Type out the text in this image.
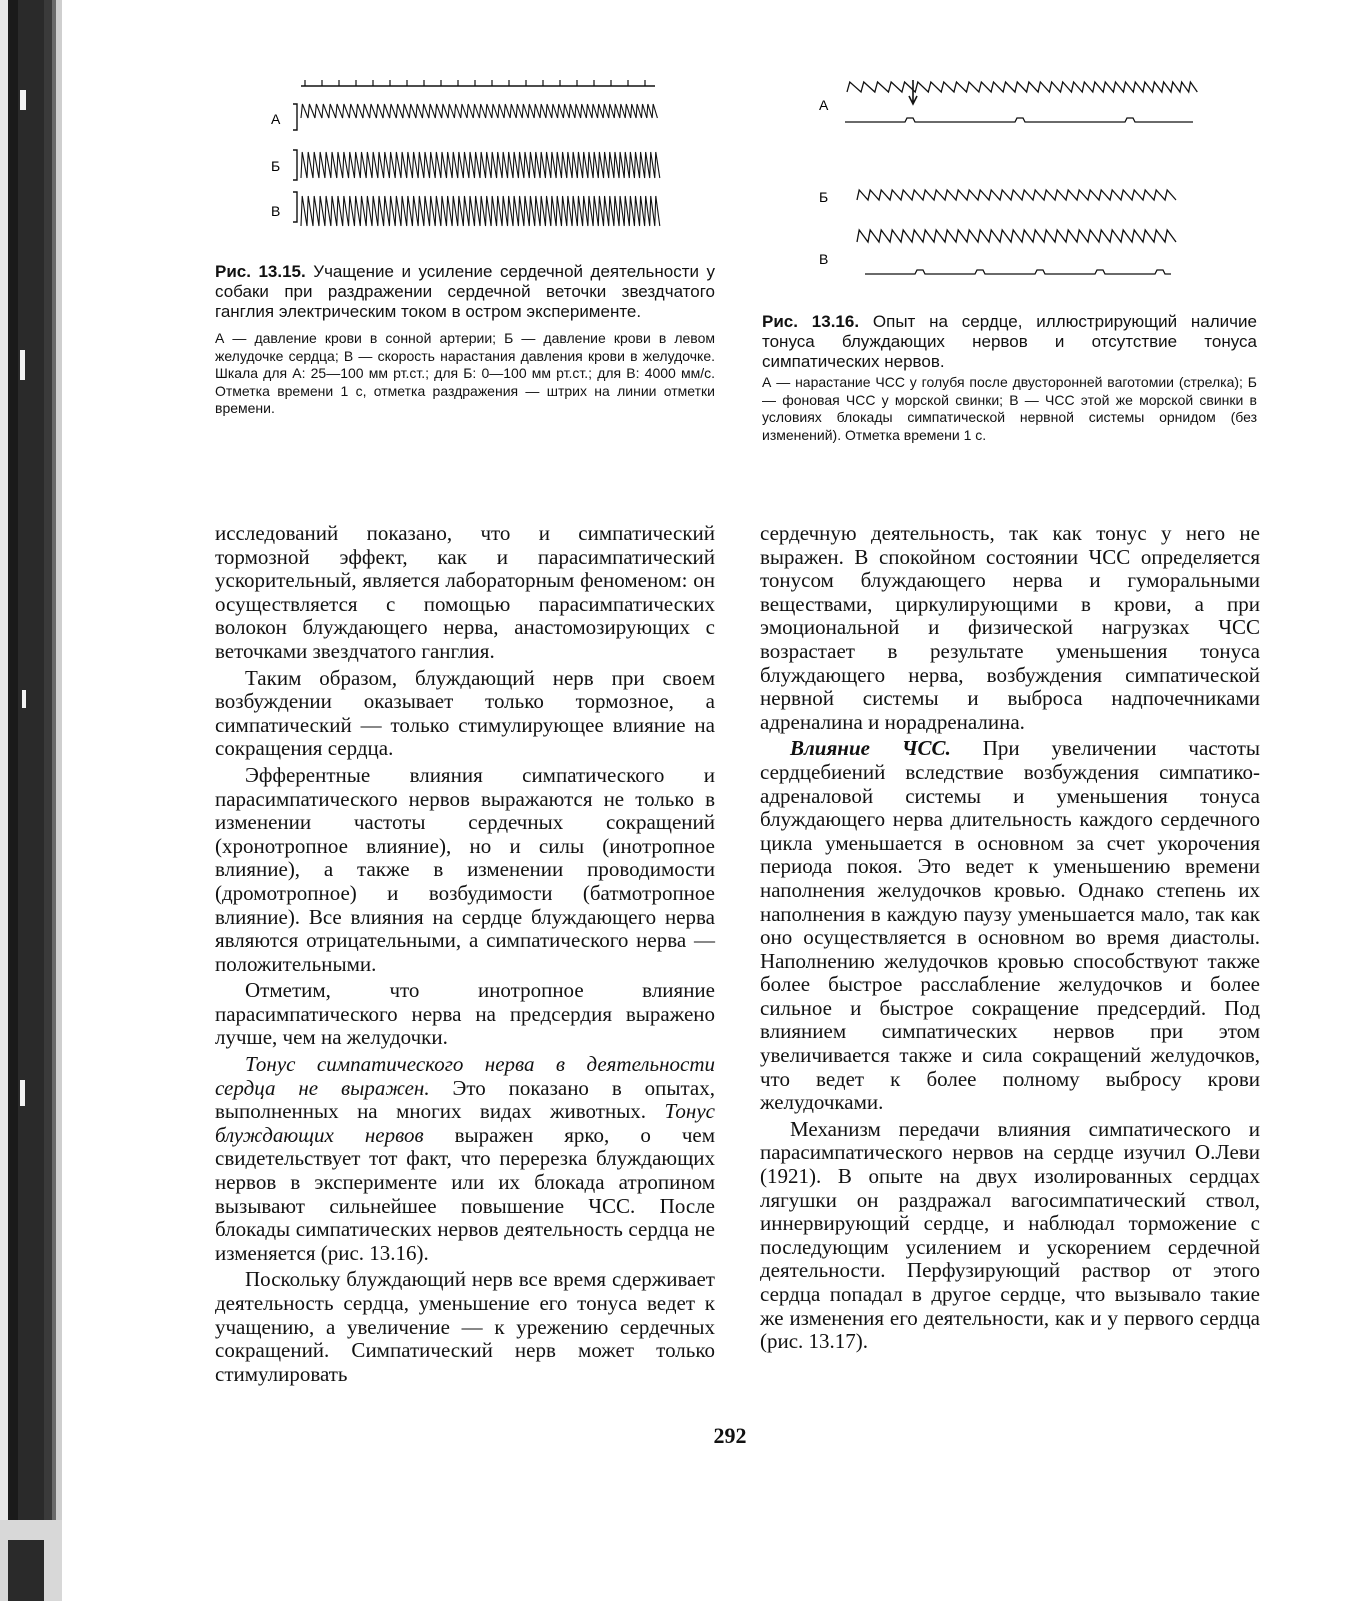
А
Б
В

Рис. 13.15. Учащение и усиление сердечной деятельности у собаки при раздражении сердечной веточки звездчатого ганглия электрическим током в остром эксперименте.

А — давление крови в сонной артерии; Б — давление крови в левом желудочке сердца; В — скорость нарастания давления крови в желудочке. Шкала для А: 25—100 мм рт.ст.; для Б: 0—100 мм рт.ст.; для В: 4000 мм/с. Отметка времени 1 с, отметка раздражения — штрих на линии отметки времени.

А
Б
В

Рис. 13.16. Опыт на сердце, иллюстрирующий наличие тонуса блуждающих нервов и отсутствие тонуса симпатических нервов.

А — нарастание ЧСС у голубя после двусторонней ваготомии (стрелка); Б — фоновая ЧСС у морской свинки; В — ЧСС этой же морской свинки в условиях блокады симпатической нервной системы орнидом (без изменений). Отметка времени 1 с.

исследований показано, что и симпатический тормозной эффект, как и парасимпатический ускорительный, является лабораторным феноменом: он осуществляется с помощью парасимпатических волокон блуждающего нерва, анастомозирующих с веточками звездчатого ганглия.

Таким образом, блуждающий нерв при своем возбуждении оказывает только тормозное, а симпатический — только стимулирующее влияние на сокращения сердца.

Эфферентные влияния симпатического и парасимпатического нервов выражаются не только в изменении частоты сердечных сокращений (хронотропное влияние), но и силы (инотропное влияние), а также в изменении проводимости (дромотропное) и возбудимости (батмотропное влияние). Все влияния на сердце блуждающего нерва являются отрицательными, а симпатического нерва — положительными.

Отметим, что инотропное влияние парасимпатического нерва на предсердия выражено лучше, чем на желудочки.

Тонус симпатического нерва в деятельности сердца не выражен. Это показано в опытах, выполненных на многих видах животных. Тонус блуждающих нервов выражен ярко, о чем свидетельствует тот факт, что перерезка блуждающих нервов в эксперименте или их блокада атропином вызывают сильнейшее повышение ЧСС. После блокады симпатических нервов деятельность сердца не изменяется (рис. 13.16).

Поскольку блуждающий нерв все время сдерживает деятельность сердца, уменьшение его тонуса ведет к учащению, а увеличение — к урежению сердечных сокращений. Симпатический нерв может только стимулировать

сердечную деятельность, так как тонус у него не выражен. В спокойном состоянии ЧСС определяется тонусом блуждающего нерва и гуморальными веществами, циркулирующими в крови, а при эмоциональной и физической нагрузках ЧСС возрастает в результате уменьшения тонуса блуждающего нерва, возбуждения симпатической нервной системы и выброса надпочечниками адреналина и норадреналина.

Влияние ЧСС. При увеличении частоты сердцебиений вследствие возбуждения симпатико-адреналовой системы и уменьшения тонуса блуждающего нерва длительность каждого сердечного цикла уменьшается в основном за счет укорочения периода покоя. Это ведет к уменьшению времени наполнения желудочков кровью. Однако степень их наполнения в каждую паузу уменьшается мало, так как оно осуществляется в основном во время диастолы. Наполнению желудочков кровью способствуют также более быстрое расслабление желудочков и более сильное и быстрое сокращение предсердий. Под влиянием симпатических нервов при этом увеличивается также и сила сокращений желудочков, что ведет к более полному выбросу крови желудочками.

Механизм передачи влияния симпатического и парасимпатического нервов на сердце изучил О.Леви (1921). В опыте на двух изолированных сердцах лягушки он раздражал вагосимпатический ствол, иннервирующий сердце, и наблюдал торможение с последующим усилением и ускорением сердечной деятельности. Перфузирующий раствор от этого сердца попадал в другое сердце, что вызывало такие же изменения его деятельности, как и у первого сердца (рис. 13.17).

292
